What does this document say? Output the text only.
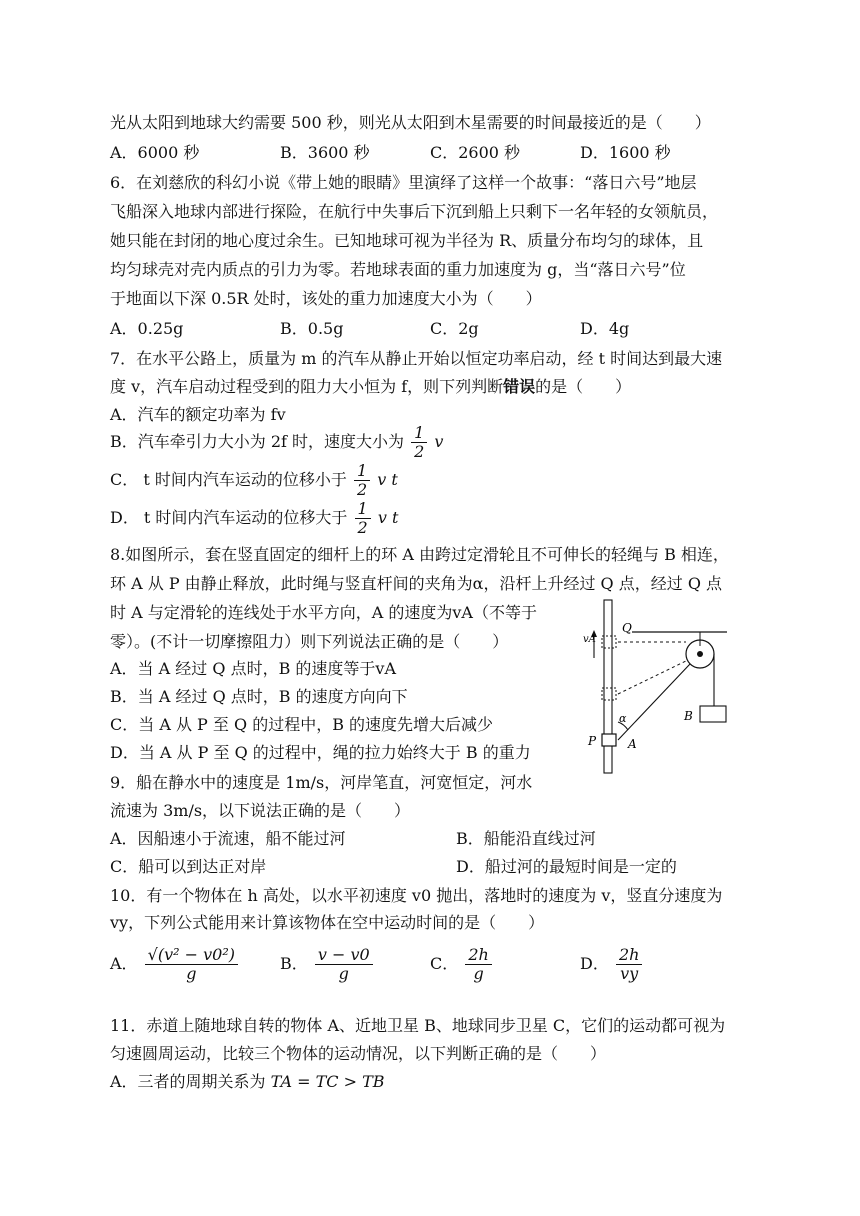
光从太阳到地球大约需要 500 秒，则光从太阳到木星需要的时间最接近的是（　　）
A．6000 秒	B．3600 秒	C．2600 秒	D．1600 秒
6．在刘慈欣的科幻小说《带上她的眼睛》里演绎了这样一个故事：“落日六号”地层
飞船深入地球内部进行探险，在航行中失事后下沉到船上只剩下一名年轻的女领航员，
她只能在封闭的地心度过余生。已知地球可视为半径为 R、质量分布均匀的球体，且
均匀球壳对壳内质点的引力为零。若地球表面的重力加速度为 g，当“落日六号”位
于地面以下深 0.5R 处时，该处的重力加速度大小为（　　）
A．0.25g	B．0.5g	C．2g	D．4g
7．在水平公路上，质量为 m 的汽车从静止开始以恒定功率启动，经 t 时间达到最大速
度 v，汽车启动过程受到的阻力大小恒为 f，则下列判断错误的是（　　）
A．汽车的额定功率为 fv
B．汽车牵引力大小为 2f 时，速度大小为 $\frac{1}{2}$ v
C． t 时间内汽车运动的位移小于 $\frac{1}{2}$ v t
D． t 时间内汽车运动的位移大于 $\frac{1}{2}$ v t
8.如图所示，套在竖直固定的细杆上的环 A 由跨过定滑轮且不可伸长的轻绳与 B 相连，
环 A 从 P 由静止释放，此时绳与竖直杆间的夹角为α，沿杆上升经过 Q 点，经过 Q 点
时 A 与定滑轮的连线处于水平方向，A 的速度为vA（不等于
零）。(不计一切摩擦阻力）则下列说法正确的是（　　）
A．当 A 经过 Q 点时，B 的速度等于vA
B．当 A 经过 Q 点时，B 的速度方向向下
C．当 A 从 P 至 Q 的过程中，B 的速度先增大后减少
D．当 A 从 P 至 Q 的过程中，绳的拉力始终大于 B 的重力
vA
Q
B
P	A
α
9．船在静水中的速度是 1m/s，河岸笔直，河宽恒定，河水
流速为 3m/s，以下说法正确的是（　　）
A．因船速小于流速，船不能过河	B．船能沿直线过河
C．船可以到达正对岸	D．船过河的最短时间是一定的
10．有一个物体在 h 高处，以水平初速度 v0 抛出，落地时的速度为 v，竖直分速度为
vy，下列公式能用来计算该物体在空中运动时间的是（　　）
A． $\frac{\text{√(v² − v0²)}}{g}$	B． $\frac{v - v0}{g}$	C． $\frac{2h}{g}$	D． $\frac{2h}{vy}$
11．赤道上随地球自转的物体 A、近地卫星 B、地球同步卫星 C，它们的运动都可视为
匀速圆周运动，比较三个物体的运动情况，以下判断正确的是（　　）
A．三者的周期关系为 TA = TC > TB
